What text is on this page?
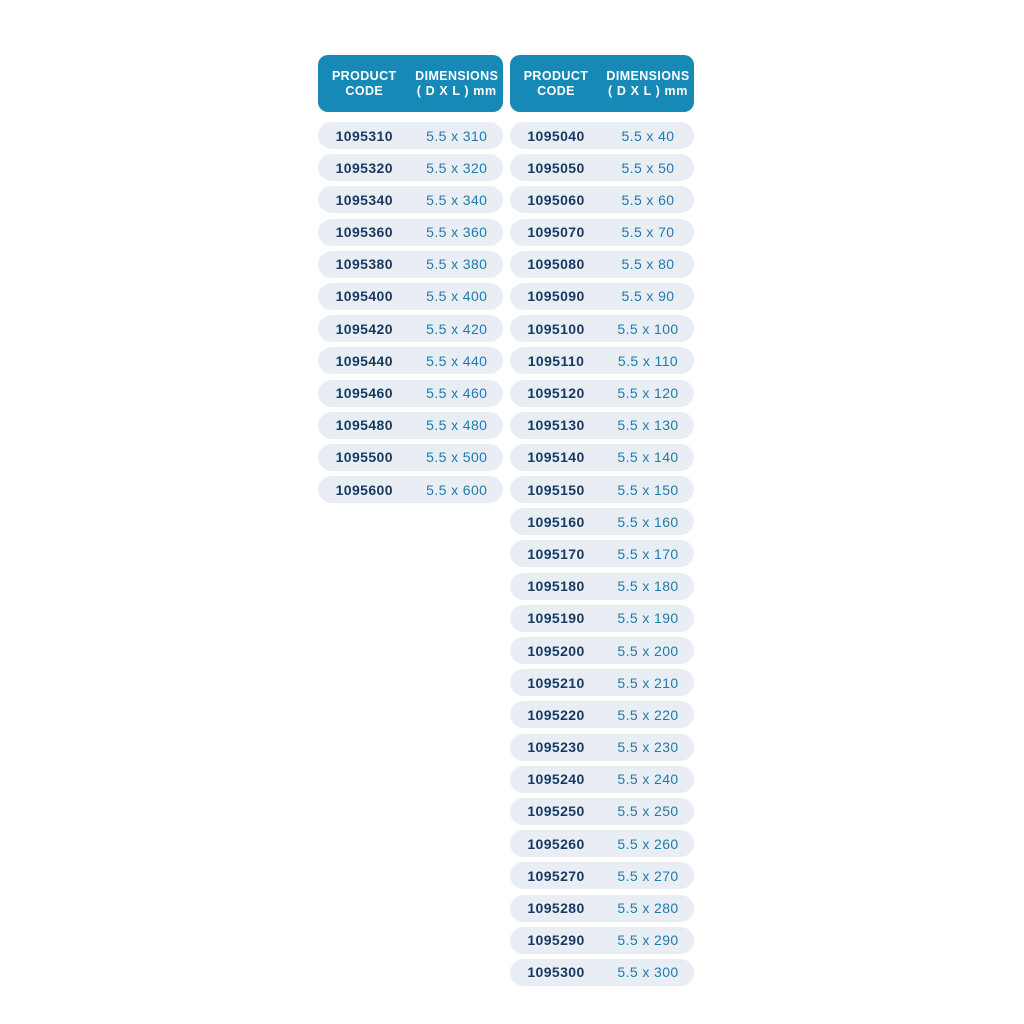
PRODUCT
CODE
DIMENSIONS
( D X L ) mm
1095310	5.5 x 310
1095320	5.5 x 320
1095340	5.5 x 340
1095360	5.5 x 360
1095380	5.5 x 380
1095400	5.5 x 400
1095420	5.5 x 420
1095440	5.5 x 440
1095460	5.5 x 460
1095480	5.5 x 480
1095500	5.5 x 500
1095600	5.5 x 600
PRODUCT
CODE
DIMENSIONS
( D X L ) mm
1095040	5.5 x 40
1095050	5.5 x 50
1095060	5.5 x 60
1095070	5.5 x 70
1095080	5.5 x 80
1095090	5.5 x 90
1095100	5.5 x 100
1095110	5.5 x 110
1095120	5.5 x 120
1095130	5.5 x 130
1095140	5.5 x 140
1095150	5.5 x 150
1095160	5.5 x 160
1095170	5.5 x 170
1095180	5.5 x 180
1095190	5.5 x 190
1095200	5.5 x 200
1095210	5.5 x 210
1095220	5.5 x 220
1095230	5.5 x 230
1095240	5.5 x 240
1095250	5.5 x 250
1095260	5.5 x 260
1095270	5.5 x 270
1095280	5.5 x 280
1095290	5.5 x 290
1095300	5.5 x 300
